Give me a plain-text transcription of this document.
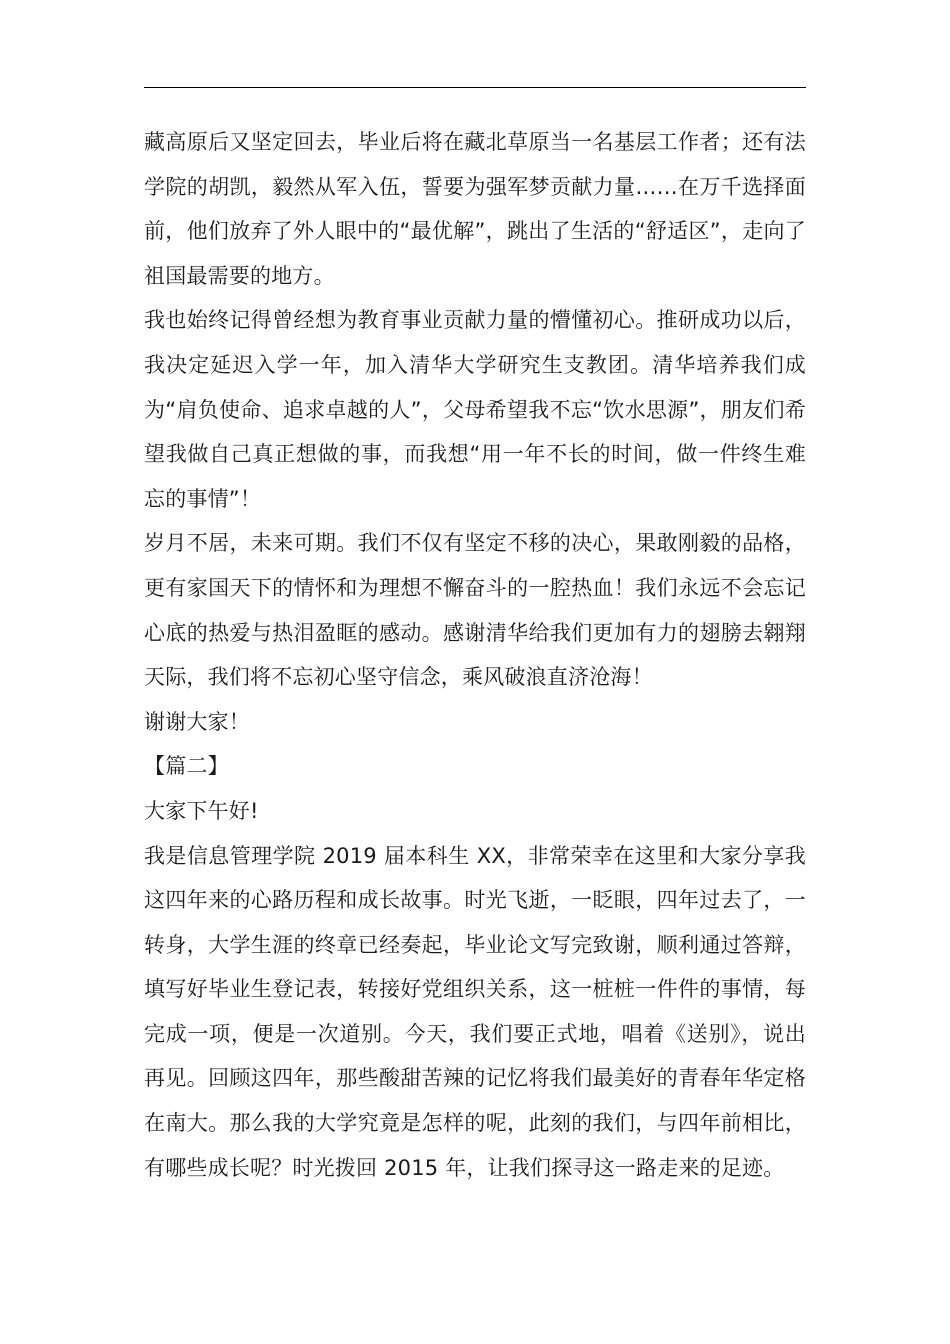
藏高原后又坚定回去，毕业后将在藏北草原当一名基层工作者；还有法学院的胡凯，毅然从军入伍，誓要为强军梦贡献力量……在万千选择面前，他们放弃了外人眼中的“最优解”，跳出了生活的“舒适区”，走向了祖国最需要的地方。

我也始终记得曾经想为教育事业贡献力量的懵懂初心。推研成功以后，我决定延迟入学一年，加入清华大学研究生支教团。清华培养我们成为“肩负使命、追求卓越的人”，父母希望我不忘“饮水思源”，朋友们希望我做自己真正想做的事，而我想“用一年不长的时间，做一件终生难忘的事情”！

岁月不居，未来可期。我们不仅有坚定不移的决心，果敢刚毅的品格，更有家国天下的情怀和为理想不懈奋斗的一腔热血！我们永远不会忘记心底的热爱与热泪盈眶的感动。感谢清华给我们更加有力的翅膀去翱翔天际，我们将不忘初心坚守信念，乘风破浪直济沧海！

谢谢大家！

【篇二】

大家下午好!

我是信息管理学院 2019 届本科生 XX，非常荣幸在这里和大家分享我这四年来的心路历程和成长故事。时光飞逝，一眨眼，四年过去了，一转身，大学生涯的终章已经奏起，毕业论文写完致谢，顺利通过答辩，填写好毕业生登记表，转接好党组织关系，这一桩桩一件件的事情，每完成一项，便是一次道别。今天，我们要正式地，唱着《送别》，说出再见。回顾这四年，那些酸甜苦辣的记忆将我们最美好的青春年华定格在南大。那么我的大学究竟是怎样的呢，此刻的我们，与四年前相比，有哪些成长呢？时光拨回 2015 年，让我们探寻这一路走来的足迹。
